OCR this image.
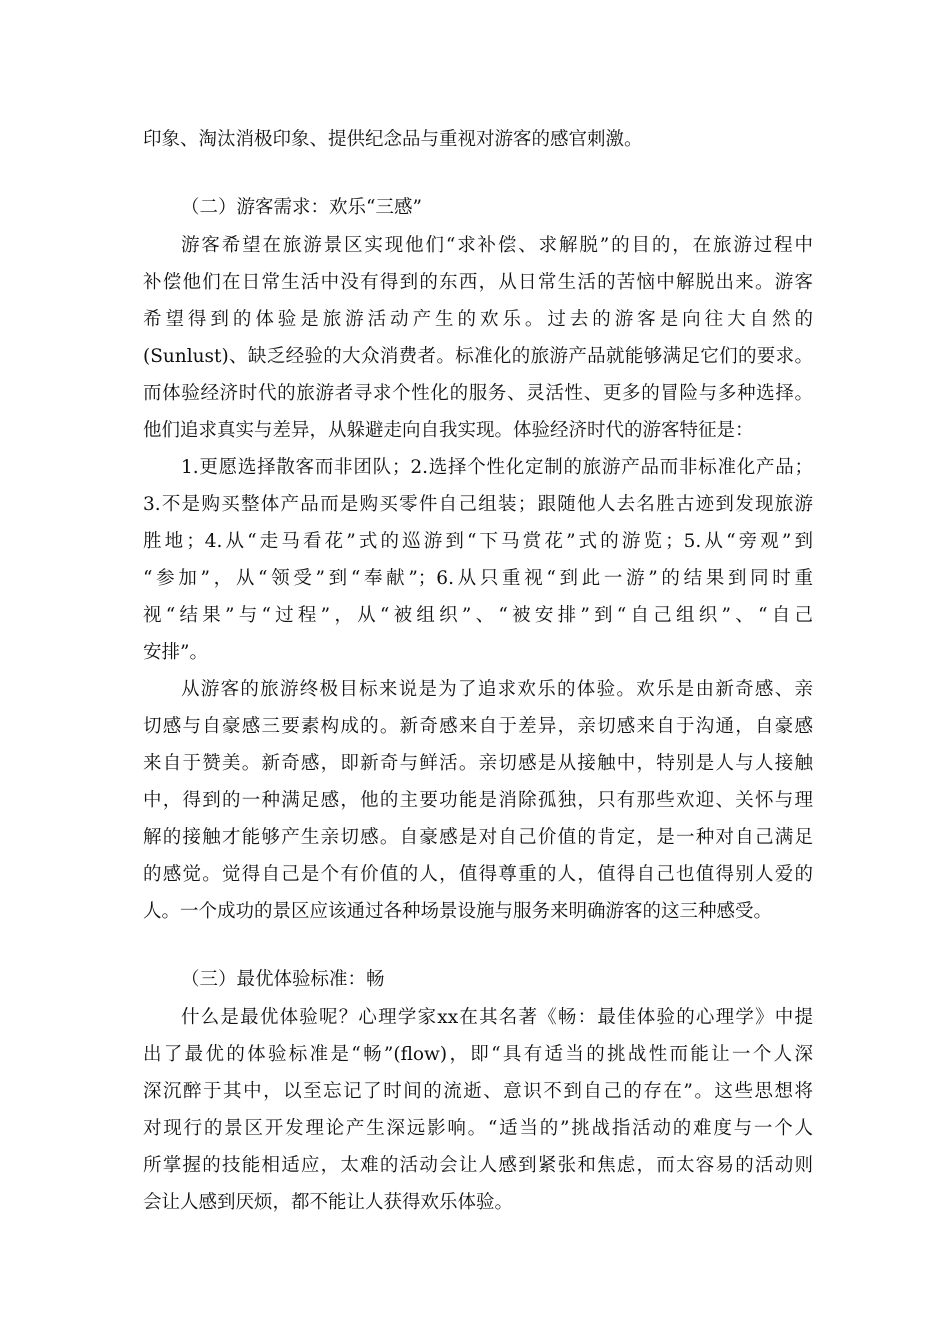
印象、淘汰消极印象、提供纪念品与重视对游客的感官刺激。
（二）游客需求：欢乐“三感”
游客希望在旅游景区实现他们“求补偿、求解脱”的目的，在旅游过程中
补偿他们在日常生活中没有得到的东西，从日常生活的苦恼中解脱出来。游客
希望得到的体验是旅游活动产生的欢乐。过去的游客是向往大自然的
(Sunlust)、缺乏经验的大众消费者。标准化的旅游产品就能够满足它们的要求。
而体验经济时代的旅游者寻求个性化的服务、灵活性、更多的冒险与多种选择。
他们追求真实与差异，从躲避走向自我实现。体验经济时代的游客特征是：
1.更愿选择散客而非团队；2.选择个性化定制的旅游产品而非标准化产品；
3.不是购买整体产品而是购买零件自己组装；跟随他人去名胜古迹到发现旅游
胜地；4.从“走马看花”式的巡游到“下马赏花”式的游览；5.从“旁观”到
“参加”，从“领受”到“奉献”；6.从只重视“到此一游”的结果到同时重
视“结果”与“过程”，从“被组织”、“被安排”到“自己组织”、“自己
安排”。
从游客的旅游终极目标来说是为了追求欢乐的体验。欢乐是由新奇感、亲
切感与自豪感三要素构成的。新奇感来自于差异，亲切感来自于沟通，自豪感
来自于赞美。新奇感，即新奇与鲜活。亲切感是从接触中，特别是人与人接触
中，得到的一种满足感，他的主要功能是消除孤独，只有那些欢迎、关怀与理
解的接触才能够产生亲切感。自豪感是对自己价值的肯定，是一种对自己满足
的感觉。觉得自己是个有价值的人，值得尊重的人，值得自己也值得别人爱的
人。一个成功的景区应该通过各种场景设施与服务来明确游客的这三种感受。
（三）最优体验标准：畅
什么是最优体验呢？心理学家xx在其名著《畅：最佳体验的心理学》中提
出了最优的体验标准是“畅”(flow)，即“具有适当的挑战性而能让一个人深
深沉醉于其中，以至忘记了时间的流逝、意识不到自己的存在”。这些思想将
对现行的景区开发理论产生深远影响。“适当的”挑战指活动的难度与一个人
所掌握的技能相适应，太难的活动会让人感到紧张和焦虑，而太容易的活动则
会让人感到厌烦，都不能让人获得欢乐体验。
